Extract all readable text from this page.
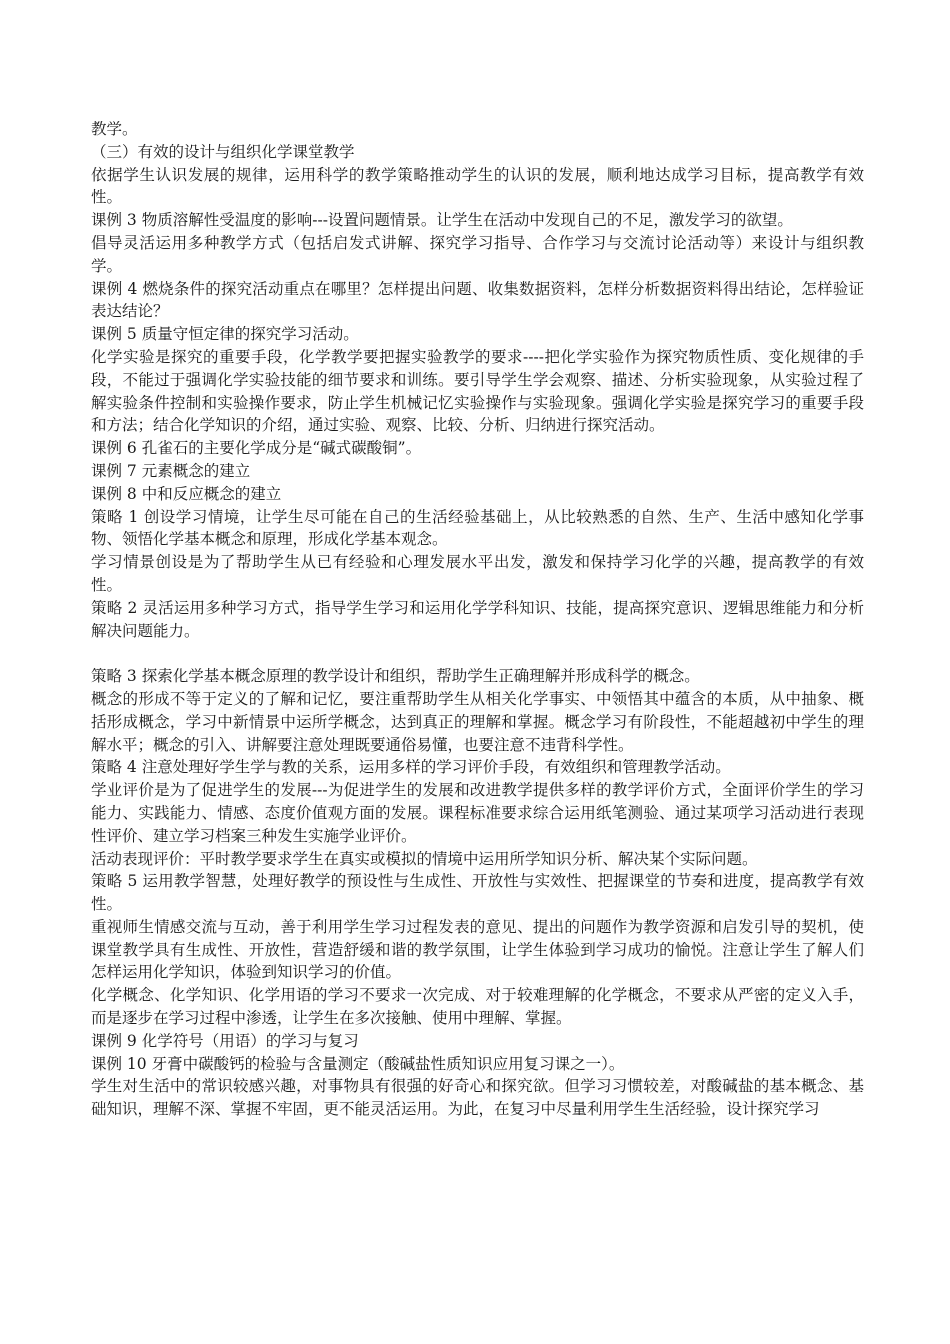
教学。

（三）有效的设计与组织化学课堂教学

依据学生认识发展的规律，运用科学的教学策略推动学生的认识的发展，顺利地达成学习目标，提高教学有效性。

课例 3 物质溶解性受温度的影响---设置问题情景。让学生在活动中发现自己的不足，激发学习的欲望。

倡导灵活运用多种教学方式（包括启发式讲解、探究学习指导、合作学习与交流讨论活动等）来设计与组织教学。

课例 4 燃烧条件的探究活动重点在哪里？怎样提出问题、收集数据资料，怎样分析数据资料得出结论，怎样验证表达结论？

课例 5 质量守恒定律的探究学习活动。

化学实验是探究的重要手段，化学教学要把握实验教学的要求----把化学实验作为探究物质性质、变化规律的手段，不能过于强调化学实验技能的细节要求和训练。要引导学生学会观察、描述、分析实验现象，从实验过程了解实验条件控制和实验操作要求，防止学生机械记忆实验操作与实验现象。强调化学实验是探究学习的重要手段和方法；结合化学知识的介绍，通过实验、观察、比较、分析、归纳进行探究活动。

课例 6 孔雀石的主要化学成分是“碱式碳酸铜”。

课例 7 元素概念的建立

课例 8 中和反应概念的建立

策略 1 创设学习情境，让学生尽可能在自己的生活经验基础上，从比较熟悉的自然、生产、生活中感知化学事物、领悟化学基本概念和原理，形成化学基本观念。

学习情景创设是为了帮助学生从已有经验和心理发展水平出发，激发和保持学习化学的兴趣，提高教学的有效性。

策略 2 灵活运用多种学习方式，指导学生学习和运用化学学科知识、技能，提高探究意识、逻辑思维能力和分析解决问题能力。

策略 3 探索化学基本概念原理的教学设计和组织，帮助学生正确理解并形成科学的概念。

概念的形成不等于定义的了解和记忆，要注重帮助学生从相关化学事实、中领悟其中蕴含的本质，从中抽象、概括形成概念，学习中新情景中运所学概念，达到真正的理解和掌握。概念学习有阶段性，不能超越初中学生的理解水平；概念的引入、讲解要注意处理既要通俗易懂，也要注意不违背科学性。

策略 4 注意处理好学生学与教的关系，运用多样的学习评价手段，有效组织和管理教学活动。

学业评价是为了促进学生的发展---为促进学生的发展和改进教学提供多样的教学评价方式，全面评价学生的学习能力、实践能力、情感、态度价值观方面的发展。课程标准要求综合运用纸笔测验、通过某项学习活动进行表现性评价、建立学习档案三种发生实施学业评价。

活动表现评价：平时教学要求学生在真实或模拟的情境中运用所学知识分析、解决某个实际问题。

策略 5 运用教学智慧，处理好教学的预设性与生成性、开放性与实效性、把握课堂的节奏和进度，提高教学有效性。

重视师生情感交流与互动，善于利用学生学习过程发表的意见、提出的问题作为教学资源和启发引导的契机，使课堂教学具有生成性、开放性，营造舒缓和谐的教学氛围，让学生体验到学习成功的愉悦。注意让学生了解人们怎样运用化学知识，体验到知识学习的价值。

化学概念、化学知识、化学用语的学习不要求一次完成、对于较难理解的化学概念，不要求从严密的定义入手，而是逐步在学习过程中渗透，让学生在多次接触、使用中理解、掌握。

课例 9 化学符号（用语）的学习与复习

课例 10 牙膏中碳酸钙的检验与含量测定（酸碱盐性质知识应用复习课之一）。

学生对生活中的常识较感兴趣，对事物具有很强的好奇心和探究欲。但学习习惯较差，对酸碱盐的基本概念、基础知识，理解不深、掌握不牢固，更不能灵活运用。为此，在复习中尽量利用学生生活经验，设计探究学习
